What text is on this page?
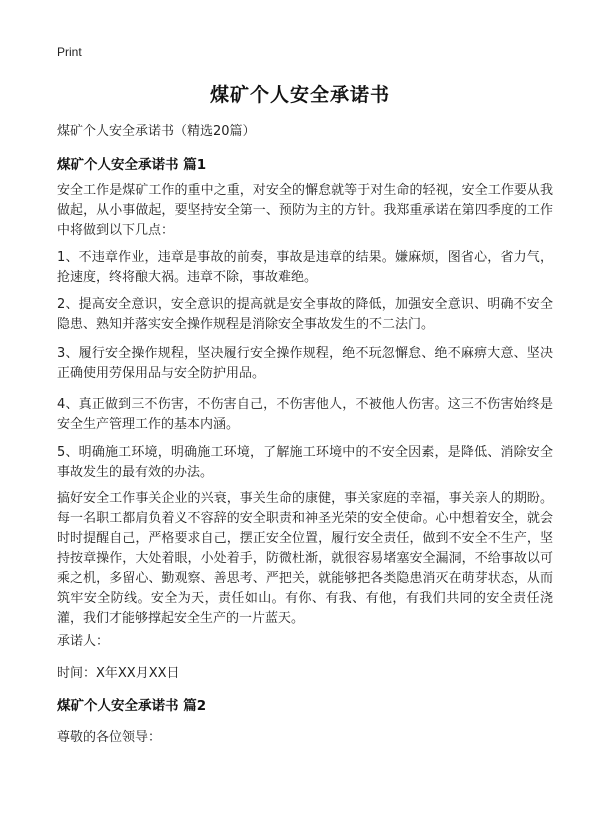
Print
煤矿个人安全承诺书
煤矿个人安全承诺书（精选20篇）
煤矿个人安全承诺书 篇1
安全工作是煤矿工作的重中之重，对安全的懈怠就等于对生命的轻视，安全工作要从我做起，从小事做起，要坚持安全第一、预防为主的方针。我郑重承诺在第四季度的工作中将做到以下几点：
1、不违章作业，违章是事故的前奏，事故是违章的结果。嫌麻烦，图省心，省力气，抢速度，终将酿大祸。违章不除，事故难绝。
2、提高安全意识，安全意识的提高就是安全事故的降低，加强安全意识、明确不安全隐患、熟知并落实安全操作规程是消除安全事故发生的不二法门。
3、履行安全操作规程，坚决履行安全操作规程，绝不玩忽懈怠、绝不麻痹大意、坚决正确使用劳保用品与安全防护用品。
4、真正做到三不伤害，不伤害自己，不伤害他人，不被他人伤害。这三不伤害始终是安全生产管理工作的基本内涵。
5、明确施工环境，明确施工环境，了解施工环境中的不安全因素，是降低、消除安全事故发生的最有效的办法。
搞好安全工作事关企业的兴衰，事关生命的康健，事关家庭的幸福，事关亲人的期盼。每一名职工都肩负着义不容辞的安全职责和神圣光荣的安全使命。心中想着安全，就会时时提醒自己，严格要求自己，摆正安全位置，履行安全责任，做到不安全不生产，坚持按章操作，大处着眼，小处着手，防微杜渐，就很容易堵塞安全漏洞，不给事故以可乘之机，多留心、勤观察、善思考、严把关，就能够把各类隐患消灭在萌芽状态，从而筑牢安全防线。安全为天，责任如山。有你、有我、有他，有我们共同的安全责任浇灌，我们才能够撑起安全生产的一片蓝天。
承诺人：
时间：X年XX月XX日
煤矿个人安全承诺书 篇2
尊敬的各位领导：
